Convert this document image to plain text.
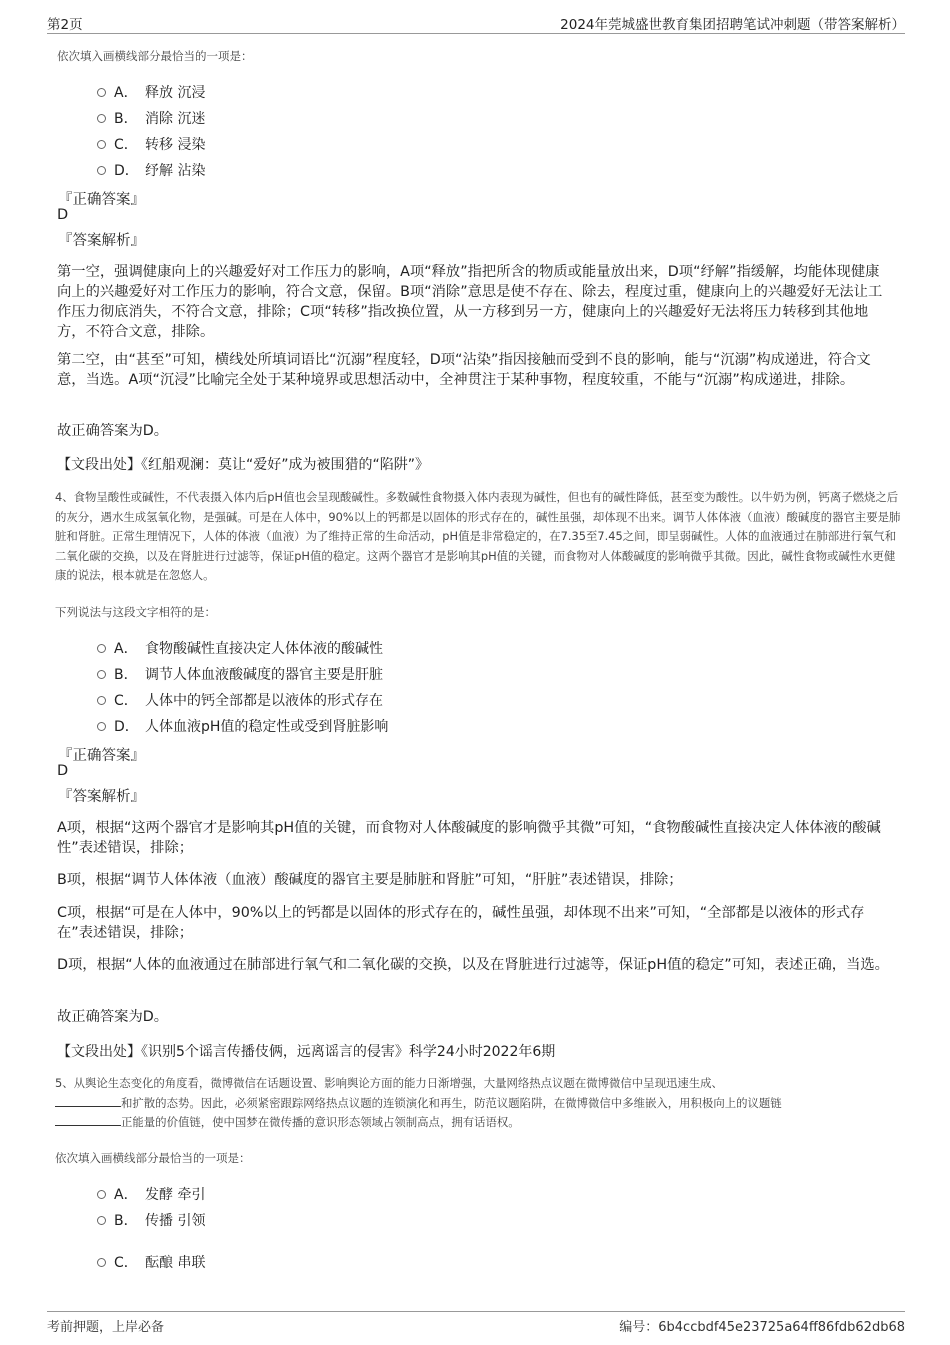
第2页	2024年莞城盛世教育集团招聘笔试冲刺题（带答案解析）
依次填入画横线部分最恰当的一项是：
A． 释放 沉浸
B． 消除 沉迷
C． 转移 浸染
D． 纾解 沾染
『正确答案』
D
『答案解析』

第一空，强调健康向上的兴趣爱好对工作压力的影响，A项“释放”指把所含的物质或能量放出来，D项“纾解”指缓解，均能体现健康向上的兴趣爱好对工作压力的影响，符合文意，保留。B项“消除”意思是使不存在、除去，程度过重，健康向上的兴趣爱好无法让工作压力彻底消失，不符合文意，排除；C项“转移”指改换位置，从一方移到另一方，健康向上的兴趣爱好无法将压力转移到其他地方，不符合文意，排除。

第二空，由“甚至”可知，横线处所填词语比“沉溺”程度轻，D项“沾染”指因接触而受到不良的影响，能与“沉溺”构成递进，符合文意，当选。A项“沉浸”比喻完全处于某种境界或思想活动中，全神贯注于某种事物，程度较重，不能与“沉溺”构成递进，排除。

故正确答案为D。

【文段出处】《红船观澜：莫让“爱好”成为被围猎的“陷阱”》

4、食物呈酸性或碱性，不代表摄入体内后pH值也会呈现酸碱性。多数碱性食物摄入体内表现为碱性，但也有的碱性降低，甚至变为酸性。以牛奶为例，钙离子燃烧之后的灰分，遇水生成氢氧化物，是强碱。可是在人体中，90%以上的钙都是以固体的形式存在的，碱性虽强，却体现不出来。调节人体体液（血液）酸碱度的器官主要是肺脏和肾脏。正常生理情况下，人体的体液（血液）为了维持正常的生命活动，pH值是非常稳定的，在7.35至7.45之间，即呈弱碱性。人体的血液通过在肺部进行氧气和二氧化碳的交换，以及在肾脏进行过滤等，保证pH值的稳定。这两个器官才是影响其pH值的关键，而食物对人体酸碱度的影响微乎其微。因此，碱性食物或碱性水更健康的说法，根本就是在忽悠人。

下列说法与这段文字相符的是：
A． 食物酸碱性直接决定人体体液的酸碱性
B． 调节人体血液酸碱度的器官主要是肝脏
C． 人体中的钙全部都是以液体的形式存在
D． 人体血液pH值的稳定性或受到肾脏影响
『正确答案』
D
『答案解析』

A项，根据“这两个器官才是影响其pH值的关键，而食物对人体酸碱度的影响微乎其微”可知，“食物酸碱性直接决定人体体液的酸碱性”表述错误，排除；

B项，根据“调节人体体液（血液）酸碱度的器官主要是肺脏和肾脏”可知，“肝脏”表述错误，排除；

C项，根据“可是在人体中，90%以上的钙都是以固体的形式存在的，碱性虽强，却体现不出来”可知，“全部都是以液体的形式存在”表述错误，排除；

D项，根据“人体的血液通过在肺部进行氧气和二氧化碳的交换，以及在肾脏进行过滤等，保证pH值的稳定”可知，表述正确，当选。

故正确答案为D。

【文段出处】《识别5个谣言传播伎俩，远离谣言的侵害》科学24小时2022年6期
5、从舆论生态变化的角度看，微博微信在话题设置、影响舆论方面的能力日渐增强，大量网络热点议题在微博微信中呈现迅速生成、
和扩散的态势。因此，必须紧密跟踪网络热点议题的连锁演化和再生，防范议题陷阱，在微博微信中多维嵌入，用积极向上的议题链
正能量的价值链，使中国梦在微传播的意识形态领域占领制高点，拥有话语权。
依次填入画横线部分最恰当的一项是：
A． 发酵 牵引
B． 传播 引领
C． 酝酿 串联
考前押题，上岸必备	编号：6b4ccbdf45e23725a64ff86fdb62db68
